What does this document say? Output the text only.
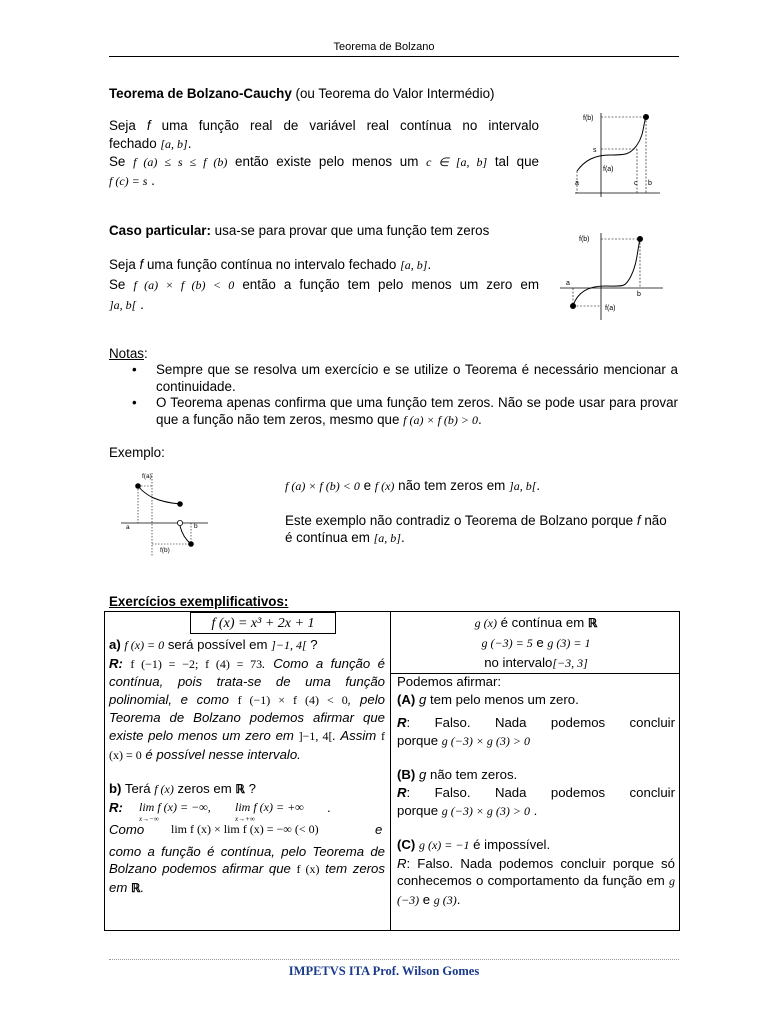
Teorema de Bolzano
Teorema de Bolzano-Cauchy (ou Teorema do Valor Intermédio)
Seja f uma função real de variável real contínua no intervalo
fechado [a, b].
Se f (a) ≤ s ≤ f (b) então existe pelo menos um c ∈ [a, b] tal que
f (c) = s .
f(b)
s
f(a)
a	c b
Caso particular: usa-se para provar que uma função tem zeros
Seja f uma função contínua no intervalo fechado [a, b].
Se f (a) × f (b) < 0 então a função tem pelo menos um zero em
]a, b[ .
f(b)
f(a)
a
b
Notas:
• Sempre que se resolva um exercício e se utilize o Teorema é necessário mencionar a continuidade.
• O Teorema apenas confirma que uma função tem zeros. Não se pode usar para provar que a função não tem zeros, mesmo que f (a) × f (b) > 0.
Exemplo:
f(a)
f(b)
a	b
f (a) × f (b) < 0 e f (x) não tem zeros em ]a, b[.
Este exemplo não contradiz o Teorema de Bolzano porque f não é contínua em [a, b].
Exercícios exemplificativos:
f (x) = x³ + 2x + 1
a) f (x) = 0 será possível em ]−1, 4[ ?
R: f (−1) = −2; f (4) = 73. Como a função é contínua, pois trata-se de uma função polinomial, e como f (−1) × f (4) < 0, pelo Teorema de Bolzano podemos afirmar que existe pelo menos um zero em ]−1, 4[. Assim f (x) = 0 é possível nesse intervalo.
b) Terá f (x) zeros em ℝ ?
R: lim f (x) = −∞,
x→−∞
lim f (x) = +∞
x→+∞
.
Como lim f (x) × lim f (x) = −∞ (< 0)	e
como a função é contínua, pelo Teorema de Bolzano podemos afirmar que f (x) tem zeros em ℝ.
g (x) é contínua em ℝ
g (−3) = 5 e g (3) = 1
no intervalo[−3, 3]
Podemos afirmar:
(A) g tem pelo menos um zero.
R: Falso. Nada podemos concluir
porque g (−3) × g (3) > 0
(B) g não tem zeros.
R: Falso. Nada podemos concluir
porque g (−3) × g (3) > 0 .
(C) g (x) = −1 é impossível.
R: Falso. Nada podemos concluir porque só conhecemos o comportamento da função em g (−3) e g (3).
IMPETVS ITA Prof. Wilson Gomes
